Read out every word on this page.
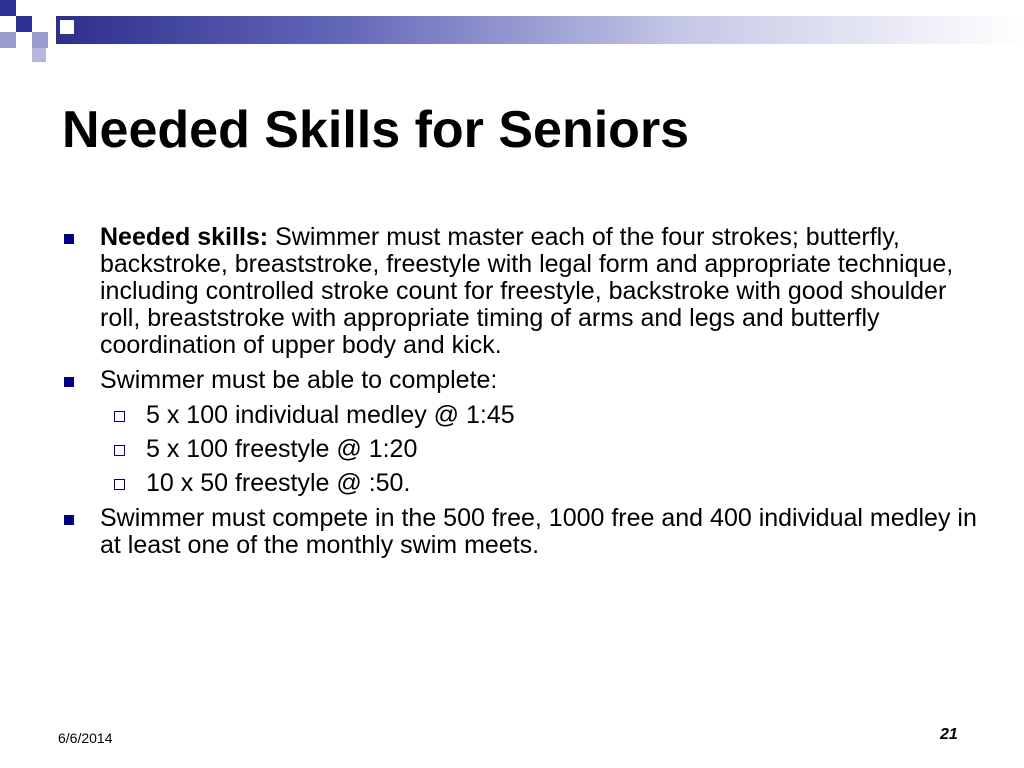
Needed Skills for Seniors
Needed skills: Swimmer must master each of the four strokes; butterfly, backstroke, breaststroke, freestyle with legal form and appropriate technique, including controlled stroke count for freestyle, backstroke with good shoulder roll, breaststroke with appropriate timing of arms and legs and butterfly coordination of upper body and kick.
Swimmer must be able to complete:
5 x 100 individual medley @ 1:45
5 x 100 freestyle @ 1:20
10 x 50 freestyle @ :50.
Swimmer must compete in the 500 free, 1000 free and 400 individual medley in at least one of the monthly swim meets.
6/6/2014	21
